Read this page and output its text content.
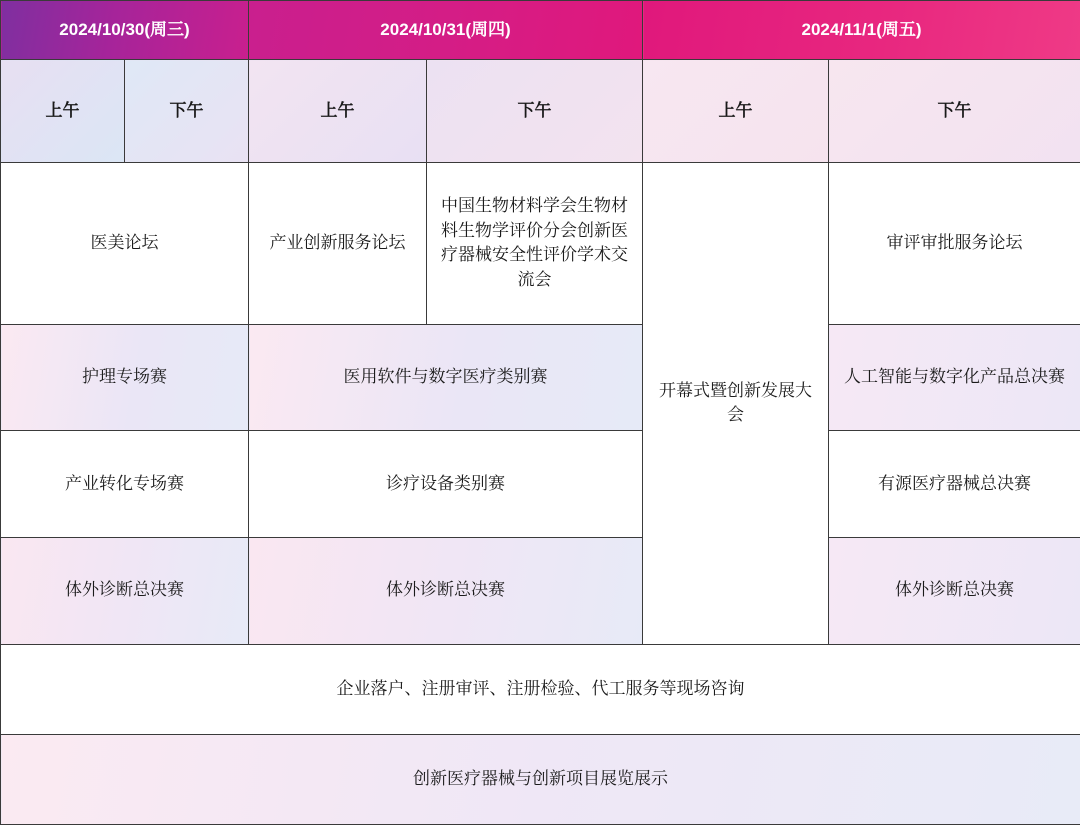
2024/10/30(周三)		2024/10/31(周四)		2024/11/1(周五)	
上午	下午	上午	下午	上午	下午
医美论坛		产业创新服务论坛	中国生物材料学会生物材料生物学评价分会创新医疗器械安全性评价学术交流会	开幕式暨创新发展大会	审评审批服务论坛
护理专场赛		医用软件与数字医疗类别赛			人工智能与数字化产品总决赛
产业转化专场赛		诊疗设备类别赛			有源医疗器械总决赛
体外诊断总决赛		体外诊断总决赛			体外诊断总决赛
企业落户、注册审评、注册检验、代工服务等现场咨询					
创新医疗器械与创新项目展览展示					
